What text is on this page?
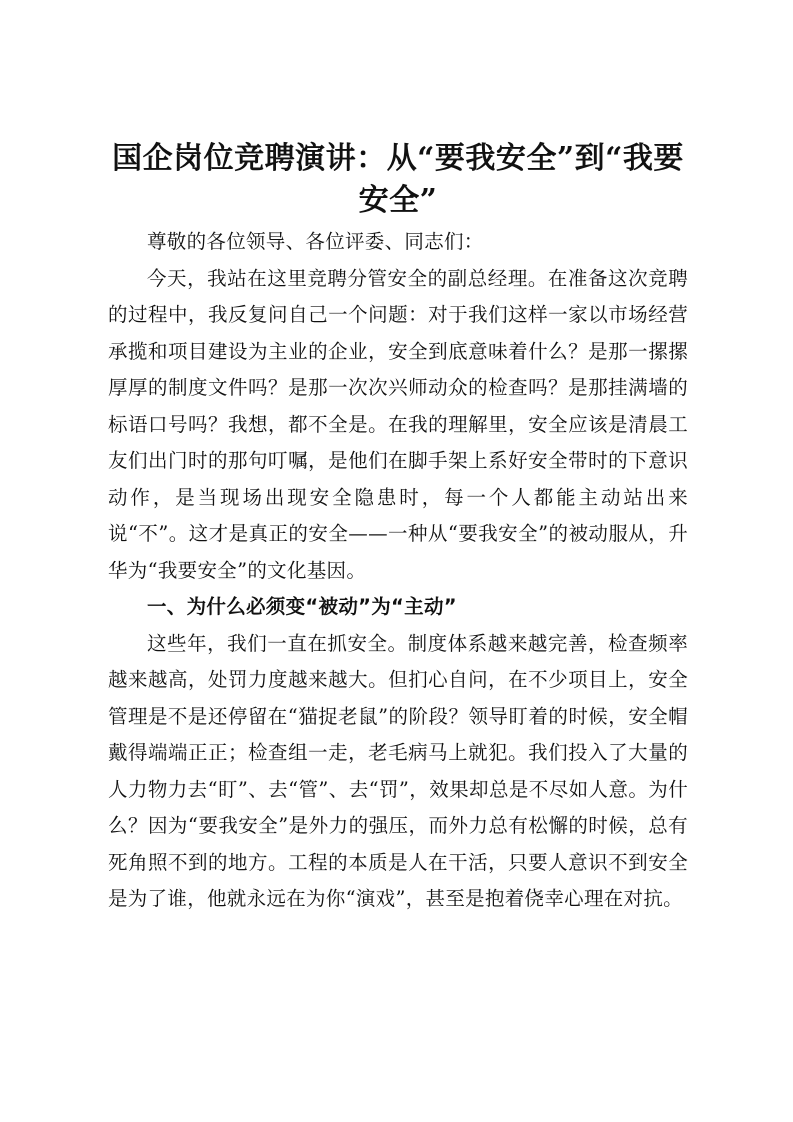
国企岗位竞聘演讲：从“要我安全”到“我要安全”

尊敬的各位领导、各位评委、同志们：

今天，我站在这里竞聘分管安全的副总经理。在准备这次竞聘的过程中，我反复问自己一个问题：对于我们这样一家以市场经营承揽和项目建设为主业的企业，安全到底意味着什么？是那一摞摞厚厚的制度文件吗？是那一次次兴师动众的检查吗？是那挂满墙的标语口号吗？我想，都不全是。在我的理解里，安全应该是清晨工友们出门时的那句叮嘱，是他们在脚手架上系好安全带时的下意识动作，是当现场出现安全隐患时，每一个人都能主动站出来说“不”。这才是真正的安全——一种从“要我安全”的被动服从，升华为“我要安全”的文化基因。

一、为什么必须变“被动”为“主动”

这些年，我们一直在抓安全。制度体系越来越完善，检查频率越来越高，处罚力度越来越大。但扪心自问，在不少项目上，安全管理是不是还停留在“猫捉老鼠”的阶段？领导盯着的时候，安全帽戴得端端正正；检查组一走，老毛病马上就犯。我们投入了大量的人力物力去“盯”、去“管”、去“罚”，效果却总是不尽如人意。为什么？因为“要我安全”是外力的强压，而外力总有松懈的时候，总有死角照不到的地方。工程的本质是人在干活，只要人意识不到安全是为了谁，他就永远在为你“演戏”，甚至是抱着侥幸心理在对抗。
